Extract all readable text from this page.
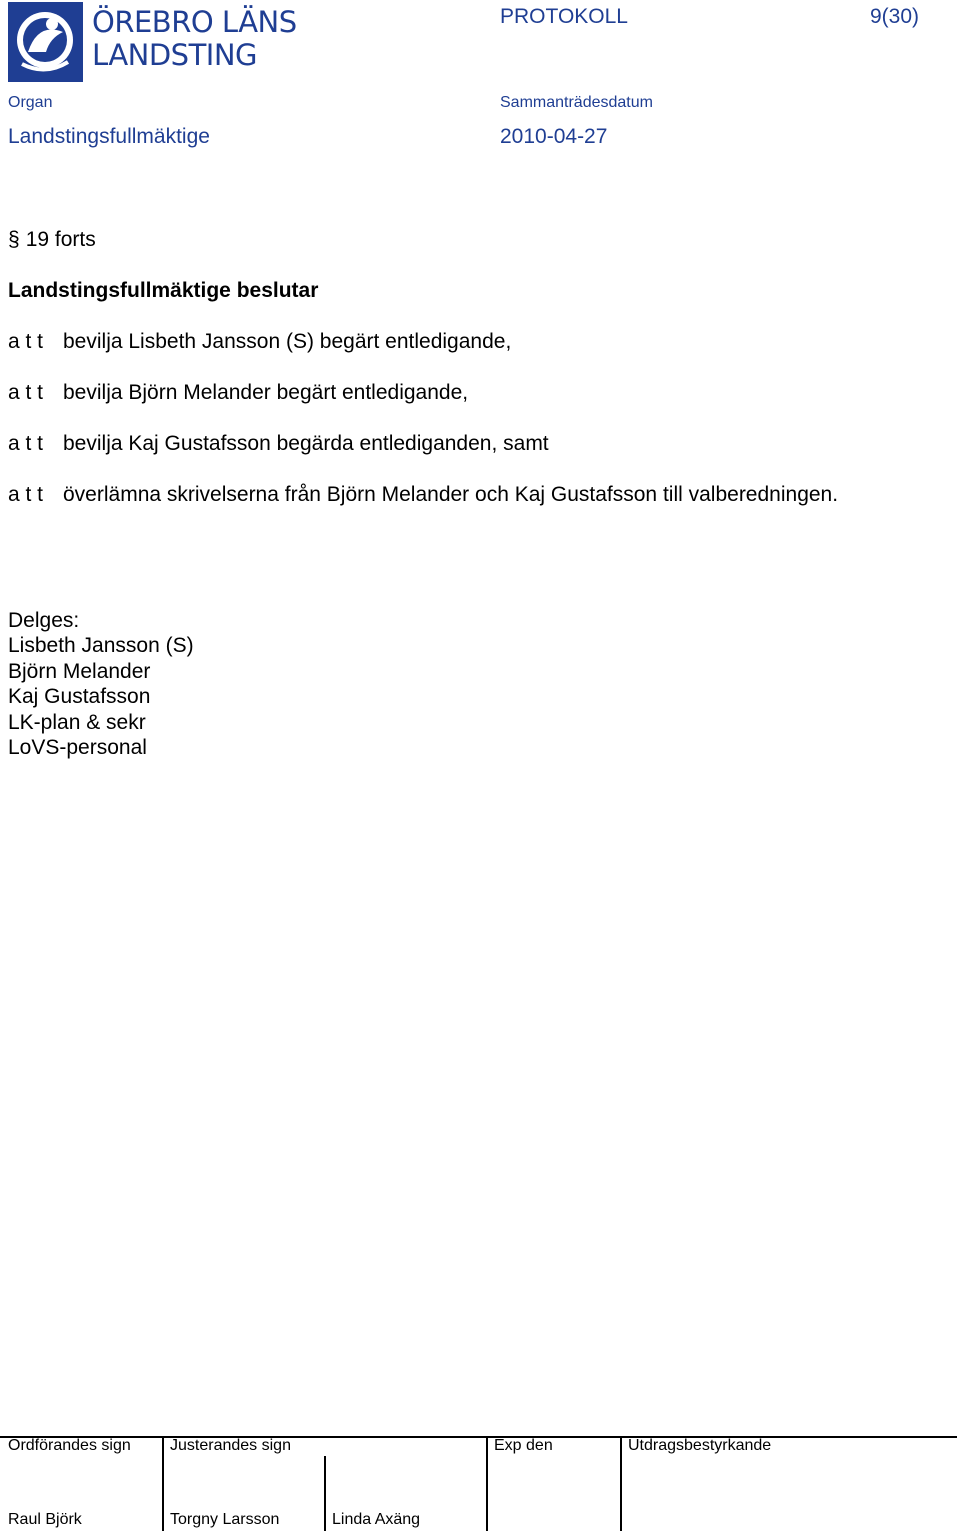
ÖREBRO LÄNS
LANDSTING
PROTOKOLL	9(30)
Organ
Landstingsfullmäktige
Sammanträdesdatum
2010-04-27
§ 19 forts
Landstingsfullmäktige beslutar
a t t bevilja Lisbeth Jansson (S) begärt entledigande,
a t t bevilja Björn Melander begärt entledigande,
a t t bevilja Kaj Gustafsson begärda entlediganden, samt
a t t överlämna skrivelserna från Björn Melander och Kaj Gustafsson till valberedningen.
Delges:
Lisbeth Jansson (S)
Björn Melander
Kaj Gustafsson
LK-plan & sekr
LoVS-personal
Ordförandes sign Justerandes sign	Exp den	Utdragsbestyrkande
Raul Björk	Torgny Larsson	Linda Axäng
